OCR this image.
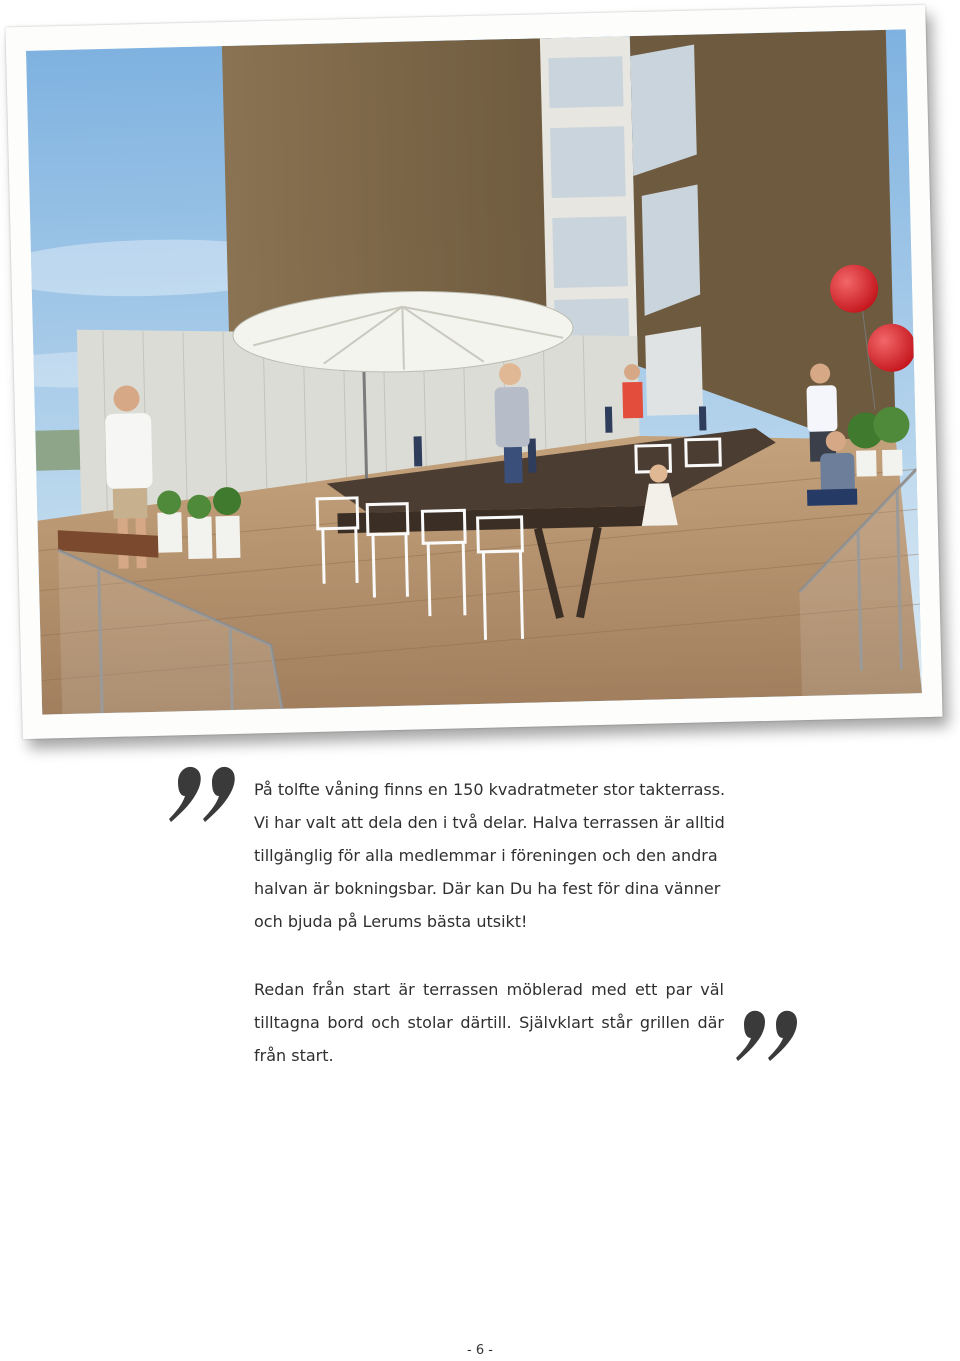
På tolfte våning finns en 150 kvadratmeter stor takterrass.
Vi har valt att dela den i två delar. Halva terrassen är alltid
tillgänglig för alla medlemmar i föreningen och den andra
halvan är bokningsbar. Där kan Du ha fest för dina vänner
och bjuda på Lerums bästa utsikt!

Redan från start är terrassen möblerad med ett par väl tilltagna bord och stolar därtill. Självklart står grillen där från start.

- 6 -
